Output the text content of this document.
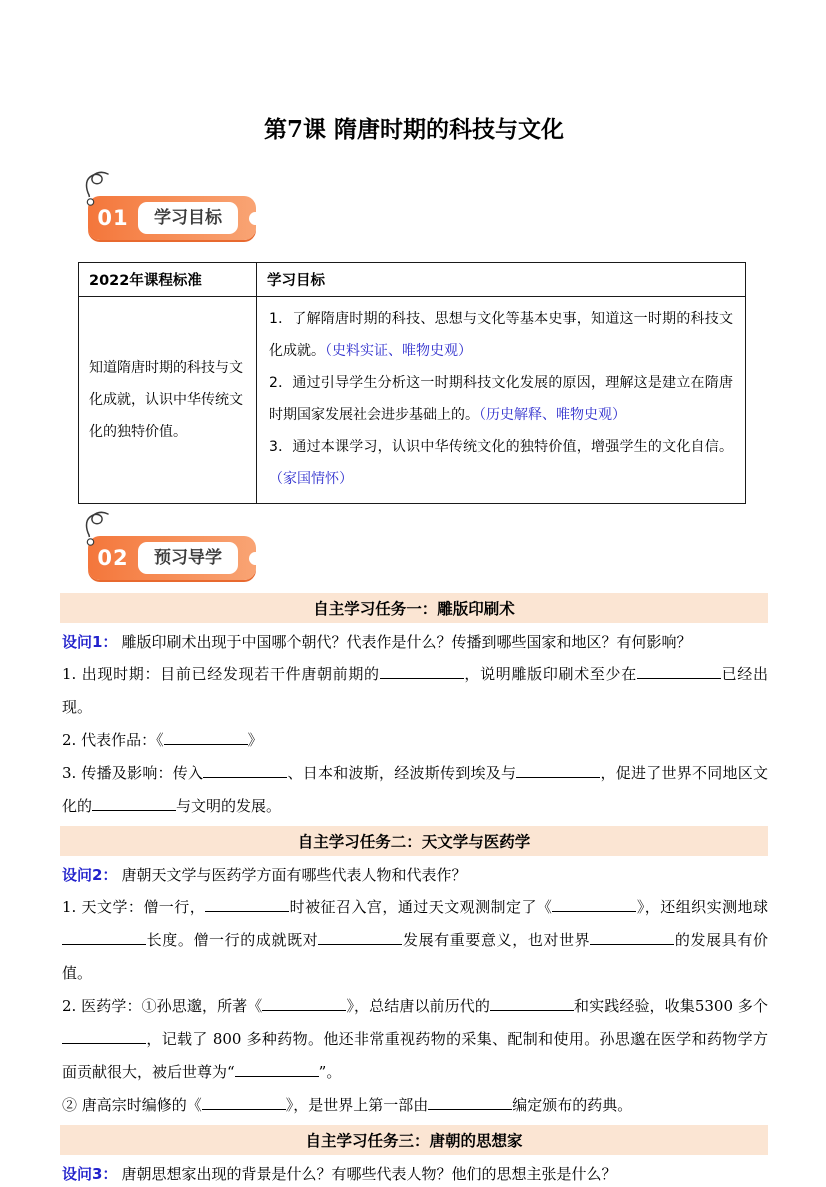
第7课 隋唐时期的科技与文化
01	学习目标
2022年课程标准	学习目标
知道隋唐时期的科技与文化成就，认识中华传统文化的独特价值。	1．了解隋唐时期的科技、思想与文化等基本史事，知道这一时期的科技文化成就。（史料实证、唯物史观）

2．通过引导学生分析这一时期科技文化发展的原因，理解这是建立在隋唐时期国家发展社会进步基础上的。（历史解释、唯物史观）

3．通过本课学习，认识中华传统文化的独特价值，增强学生的文化自信。（家国情怀）

02	预习导学
自主学习任务一：雕版印刷术

设问1： 雕版印刷术出现于中国哪个朝代？代表作是什么？传播到哪些国家和地区？有何影响？

1. 出现时期：目前已经发现若干件唐朝前期的	，说明雕版印刷术至少在	已经出现。

2. 代表作品：《	》

3. 传播及影响：传入	、日本和波斯，经波斯传到埃及与	，促进了世界不同地区文化的	与文明的发展。

自主学习任务二：天文学与医药学

设问2： 唐朝天文学与医药学方面有哪些代表人物和代表作？

1. 天文学：僧一行，	时被征召入宫，通过天文观测制定了《	》，还组织实测地球长度。僧一行的成就既对	发展有重要意义，也对世界	的发展具有价值。

2. 医药学：①孙思邈，所著《	》，总结唐以前历代的	和实践经验，收集5300 多个，记载了 800 多种药物。他还非常重视药物的采集、配制和使用。孙思邈在医学和药物学方面贡献很大，被后世尊为“	”。

② 唐高宗时编修的《	》，是世界上第一部由	编定颁布的药典。

自主学习任务三：唐朝的思想家

设问3： 唐朝思想家出现的背景是什么？有哪些代表人物？他们的思想主张是什么？
